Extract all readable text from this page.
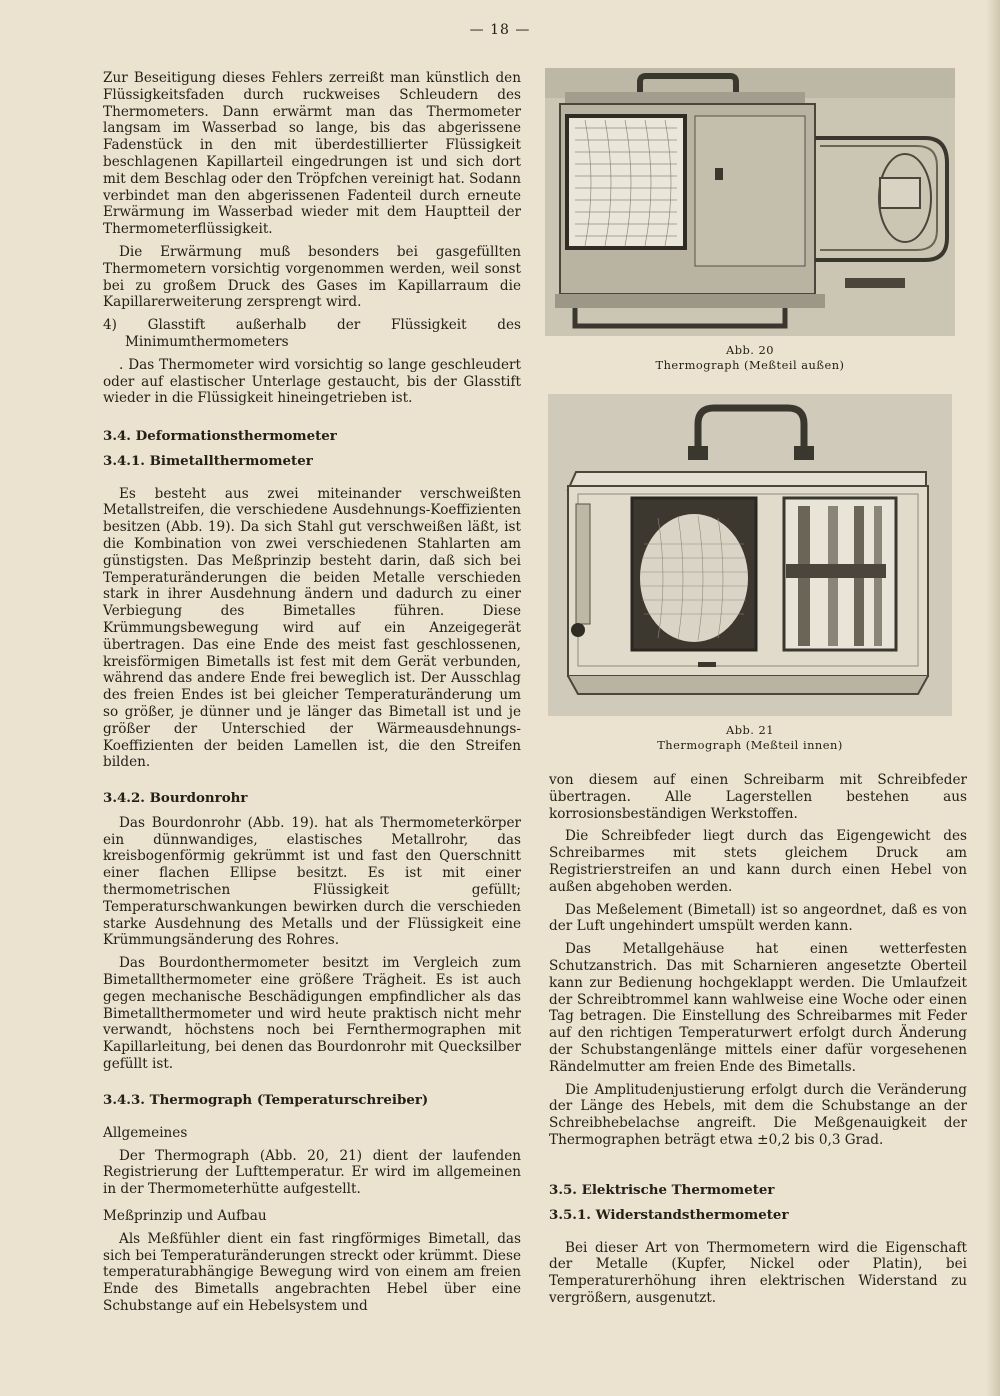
— 18 —

Zur Beseitigung dieses Fehlers zerreißt man künstlich den Flüssigkeitsfaden durch ruckweises Schleudern des Thermometers. Dann erwärmt man das Thermometer langsam im Wasserbad so lange, bis das abgerissene Fadenstück in den mit überdestillierter Flüssigkeit beschlagenen Kapillarteil eingedrungen ist und sich dort mit dem Beschlag oder den Tröpfchen vereinigt hat. Sodann verbindet man den abgerissenen Fadenteil durch erneute Erwärmung im Wasserbad wieder mit dem Hauptteil der Thermometerflüssigkeit.

Die Erwärmung muß besonders bei gasgefüllten Thermometern vorsichtig vorgenommen werden, weil sonst bei zu großem Druck des Gases im Kapillarraum die Kapillarerweiterung zersprengt wird.

4) Glasstift außerhalb der Flüssigkeit des Minimumthermometers

. Das Thermometer wird vorsichtig so lange geschleudert oder auf elastischer Unterlage gestaucht, bis der Glasstift wieder in die Flüssigkeit hineingetrieben ist.

3.4. Deformationsthermometer

3.4.1. Bimetallthermometer

Es besteht aus zwei miteinander verschweißten Metallstreifen, die verschiedene Ausdehnungs-Koeffizienten besitzen (Abb. 19). Da sich Stahl gut verschweißen läßt, ist die Kombination von zwei verschiedenen Stahlarten am günstigsten. Das Meßprinzip besteht darin, daß sich bei Temperaturänderungen die beiden Metalle verschieden stark in ihrer Ausdehnung ändern und dadurch zu einer Verbiegung des Bimetalles führen. Diese Krümmungsbewegung wird auf ein Anzeigegerät übertragen. Das eine Ende des meist fast geschlossenen, kreisförmigen Bimetalls ist fest mit dem Gerät verbunden, während das andere Ende frei beweglich ist. Der Ausschlag des freien Endes ist bei gleicher Temperaturänderung um so größer, je dünner und je länger das Bimetall ist und je größer der Unterschied der Wärmeausdehnungs-Koeffizienten der beiden Lamellen ist, die den Streifen bilden.

3.4.2. Bourdonrohr

Das Bourdonrohr (Abb. 19). hat als Thermometerkörper ein dünnwandiges, elastisches Metallrohr, das kreisbogenförmig gekrümmt ist und fast den Querschnitt einer flachen Ellipse besitzt. Es ist mit einer thermometrischen Flüssigkeit gefüllt; Temperaturschwankungen bewirken durch die verschieden starke Ausdehnung des Metalls und der Flüssigkeit eine Krümmungsänderung des Rohres.

Das Bourdonthermometer besitzt im Vergleich zum Bimetallthermometer eine größere Trägheit. Es ist auch gegen mechanische Beschädigungen empfindlicher als das Bimetallthermometer und wird heute praktisch nicht mehr verwandt, höchstens noch bei Fernthermographen mit Kapillarleitung, bei denen das Bourdonrohr mit Quecksilber gefüllt ist.

3.4.3. Thermograph (Temperaturschreiber)

Allgemeines

Der Thermograph (Abb. 20, 21) dient der laufenden Registrierung der Lufttemperatur. Er wird im allgemeinen in der Thermometerhütte aufgestellt.

Meßprinzip und Aufbau

Als Meßfühler dient ein fast ringförmiges Bimetall, das sich bei Temperaturänderungen streckt oder krümmt. Diese temperaturabhängige Bewegung wird von einem am freien Ende des Bimetalls angebrachten Hebel über eine Schubstange auf ein Hebelsystem und

Abb. 20
Thermograph (Meßteil außen)
Abb. 21
Thermograph (Meßteil innen)

von diesem auf einen Schreibarm mit Schreibfeder übertragen. Alle Lagerstellen bestehen aus korrosionsbeständigen Werkstoffen.

Die Schreibfeder liegt durch das Eigengewicht des Schreibarmes mit stets gleichem Druck am Registrierstreifen an und kann durch einen Hebel von außen abgehoben werden.

Das Meßelement (Bimetall) ist so angeordnet, daß es von der Luft ungehindert umspült werden kann.

Das Metallgehäuse hat einen wetterfesten Schutzanstrich. Das mit Scharnieren angesetzte Oberteil kann zur Bedienung hochgeklappt werden. Die Umlaufzeit der Schreibtrommel kann wahlweise eine Woche oder einen Tag betragen. Die Einstellung des Schreibarmes mit Feder auf den richtigen Temperaturwert erfolgt durch Änderung der Schubstangenlänge mittels einer dafür vorgesehenen Rändelmutter am freien Ende des Bimetalls.

Die Amplitudenjustierung erfolgt durch die Veränderung der Länge des Hebels, mit dem die Schubstange an der Schreibhebelachse angreift. Die Meßgenauigkeit der Thermographen beträgt etwa ±0,2 bis 0,3 Grad.

3.5. Elektrische Thermometer

3.5.1. Widerstandsthermometer

Bei dieser Art von Thermometern wird die Eigenschaft der Metalle (Kupfer, Nickel oder Platin), bei Temperaturerhöhung ihren elektrischen Widerstand zu vergrößern, ausgenutzt.
